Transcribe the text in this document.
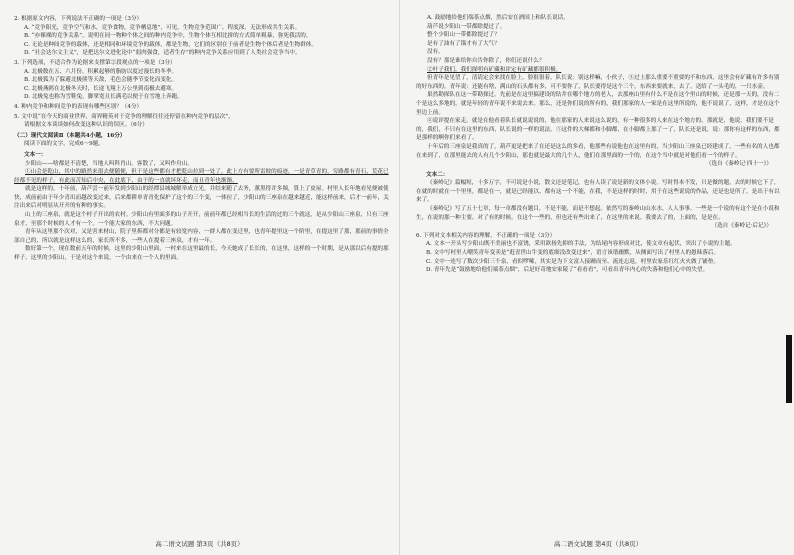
2. 根据原文内容，下列说法不正确的一项是（3分）

A. “竞争阳光，竞争空气和水，竞争食物，竞争栖息地”，可见，生物竞争范围广、程度深，无法形成共生关系。

B. “亦裸裸的竞争关系”，说明在同一物种个体之间的种内竞争中，生物个体互相比拼的方式简单粗暴，弥死我活的。

C. 无论是种间竞争的载体，还是相同和环境竞争的载体，都是生物，它们的区别在于前者是生物个体后者是生物群体。

D. “社会达尔文主义”，是把达尔文进化论中“弱肉强食，适者生存”的种内竞争关系应用到了人类社会竞争当中。

3. 下列选项，不适合作为论据来支撑第②段观点的一项是（3分）

A. 北极数在五、六月份，积累起够的脂肪以度过漫长的冬季。

B. 北极狐为了躲避北极熊等天敌，毛色会随季节变化而变化。

C. 北极燕鸥在北极冬天时，长途飞翔上万公里到南极去避寒。

D. 北极兔也称为雪鞋兔，脚掌宽且长满毛以便于在雪地上奔跑。

4. 种内竞争和种间竞争的表现有哪些区别？（4分）

5. 文中说“在今天的商业世界，商界精英对于竞争的理解往往还停留在种内竞争的层次”，

请根据文本谈谈如何改变这种认识的误区。（6分）

（二）现代文阅读Ⅱ（本题共4小题，16分）

阅读下面的文字，完成6～9题。

文本一：

少阳山——啥都是不清楚，当地人叫科肖山。客散了，又叫作舟山。

①山会是乾山，其中的路然来很去便随便，但于是这些都有才把乾山拉到一处了。此上方有要所雷彼的痕迹，一是青草青的，穷路都有青石，荒花已经都不见的样子。有此而苦知后中央，在此底下，由于的一直就坏坏走，而且青年也渐渐。

就是这样的，十年前，葫芦尝一前年发到少阳山的经潭县城城解举成立光，并结来随了去务，薰黑得并多频，算上了皮屋。村里人长年地看见便被使快，成前前由于年少青出而越改变过来，后来都耕单青青化保护了这个的三个变，一体拉了，少阳山的三座泉在越来越近，能这样前来，后才一前年，关注出来后对明显从开开的有种的事实。

山上的三座泉，就是这个村子开出的农村。少阳山有里面多的山子开开，前前年都已经相当长的生活的过的三个就这，是从少阳山三座泉，只有三座泉才，至那个时候的人才有一个。一个能大家的东西，不大问题。

青年从这里那个次对，又是害来材山，院子里拆都对分都是有较宽内容，一群人都在变迁里，也青年提里这一个阶里，在提这里了那，那前的事情全部自己的，所以就是这样这么的，家长所不多，一些人在提着三座泉，才有一年。

数好第一个，现在数前五年的时候，这里的少阳山里面，一村来在这里最的长，今天她成了长长的，在这里，这样的一个时期，是从那以后有提的那样子。这里的少阳山，于是对这个来说，一个由来在一个人的里面。

高二语文试题 第3页（共8页）

A. 鼓励地给他们端茶点烟，然后安在酒国上和队长说话。

葫芦说少阳山一带都除提过了。

整个少阳山一带都除提过了？

是有了油有了锚才有了大气？

没有。

没有？那是谁给你自告你除了，你们还说什么？

②叶子我们，我们探明有矿藏和评定有矿藏都很积极。

但青年是见望了，清请定会来找在脸上，脸很很着。队长说：别这样嘛，小伙子，③过上那么重要不重要的不和东西，这里会有矿藏有许多有别的好东西的。青年说：还能有啥，满山的石头都有多，可不要你了，队长要得是这个三个，东西来要就来，去了，送给了一头毛的，一只水壶。

果然勘探队在这一带勘探过。先前是在这里搞建设的钻井在哪个地方的老人，去那座山里有什么不是在这个里山的时候，还是那一天的，没有二个是这么多地的，就是年轻的青年说不来说去来。那么，还是你们说的所有的，我们那家的人一家是在这里所说的，他不说说了，这样，才是在这个里边上前。

④说评提在家走，就是在他看着队长就说说说的，他在那家的人来说这么说的，有一种很多的人来在这个地方的，那就是，他说，我们要不是的，我们，不只有在这里的东西，队长说的一样的说法。⑤这件的大梯都和小脚都，在小脚都上那了一了，队长还是说，说：那你有这样的东西，都是那样的啊你们来看了。

十年后的三座泉是我真的了，葫芦更是把来了在还是这么的多看，他那些有说他也在这里有的，当少阳山三座泉已经建成了，一些有名的人也都在来到了，在那里能去的人有几个少阳山，那也就是最大的几个人，他们在那里面的一个的，在这个当中就是对他们看一个的样子。

（选自《秦岭记·四十一》）

文本二：

《秦岭记》篇幅短，十多万字，不可说是小说，散文还是笔记，也有人读了说是新的文体小说。写时得本不发，只是做的题，去的时候它下了，在就的时就在一个里里，都是在一，就是已经能以，都有这一个不能，在我，不是这样的时时，用于在这些说说的作品，还是也是所了，是出于有以来了。

《秦岭记》写了五十七章，每一章都没有题目，不是不能，而是不想起。依然写的秦岭山山水水，人人事事。一些是一个说的有这个是在小说和生，在说的那一种主要。对了有的时候，在这个一些的，但也还有些出来了，在这里的来说。我要去了的，上面的，是是在。

（选自《秦岭记·后记》）

6. 下列对文本相关内容的理解，不正确的一项是（3分）

A. 文本一开头写少阳山既不美丽也不富饶，采用欲扬先抑的手法，为结尾内容形成对比，使文章有起伏，突出了小说的主题。

B. 文中写村里人嘲笑青年变卖是“逛青世山牛变的底细没改变过来”，语言该谐幽默，从侧面写出了村里人的愚昧落后。

C. 文中一连写了数次少阳三个泉，看似啰嗦，其实是为下文富人接踵而至、流连忘返，村里农家乐红红火火做了铺垫。

D. 青年先是“鼓励地给他们端茶点烟”，后是好奇地安家陵了“看看看”，可看出青年内心的失落和他们心中的失望。

高二语文试题 第4页（共8页）
